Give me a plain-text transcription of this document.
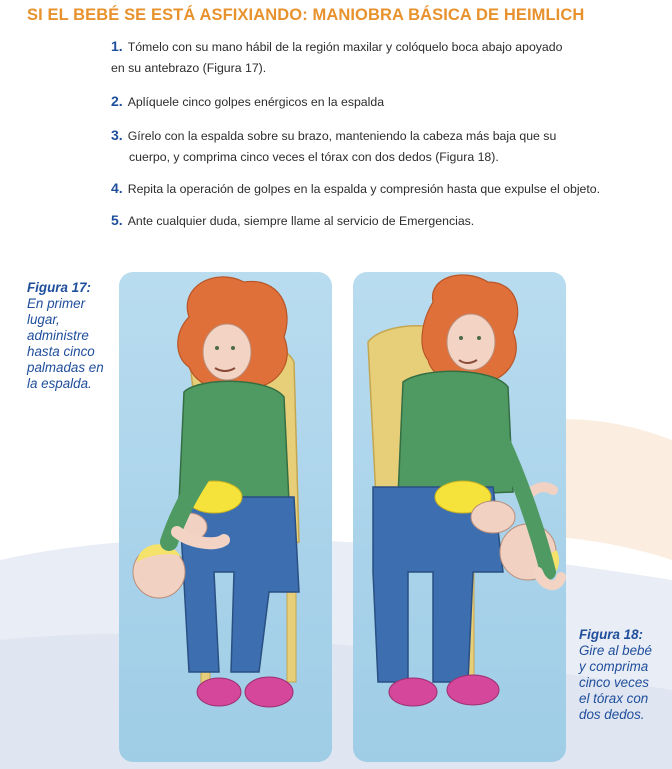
SI EL BEBÉ SE ESTÁ ASFIXIANDO: MANIOBRA BÁSICA DE HEIMLICH
1. Tómelo con su mano hábil de la región maxilar y colóquelo boca abajo apoyado
en su antebrazo (Figura 17).
2. Aplíquele cinco golpes enérgicos en la espalda
3. Gírelo con la espalda sobre su brazo, manteniendo la cabeza más baja que su
cuerpo, y comprima cinco veces el tórax con dos dedos (Figura 18).
4. Repita la operación de golpes en la espalda y compresión hasta que expulse el objeto.
5. Ante cualquier duda, siempre llame al servicio de Emergencias.
Figura 17:
En primer
lugar,
administre
hasta cinco
palmadas en
la espalda.
Figura 18:
Gire al bebé
y comprima
cinco veces
el tórax con
dos dedos.
